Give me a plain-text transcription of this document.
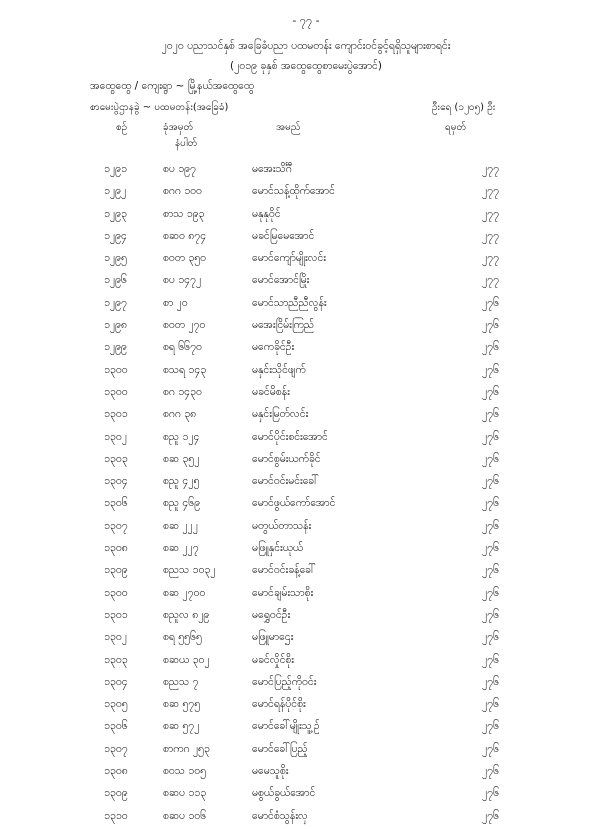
- ၇၇ -
၂၀၂၀ ပညာသင်နှစ် အခြေခံပညာ ပထမတန်း ကျောင်းဝင်ခွင့်ရရှိသူများစာရင်း
(၂၀၁၉ ခုနှစ် အထွေထွေစာမေးပွဲအောင်)
အထွေထွေ / ကျေးရွာ ~ မြို့နယ်အထွေထွေ
စာမေးပွဲဌာနခွဲ ~ ပထမတန်း(အခြေခံ)	ဦးရေ (၁၂၀၅) ဦး
စဉ်	ခုံအမှတ်
နံပါတ်
အမည်	ရမှတ်
၁၂၉၁	စပ ၁၉၇	မအေးသိင်္ဂီ	၂၇၇
၁၂၉၂	စဂဂ ၁၀၀	မောင်သန့်ထိုက်အောင်	၂၇၇
၁၂၉၃	စာသ ၁၉၃	မနုနုဝိုင်	၂၇၇
၁၂၉၄	စဆဝ ၈၇၄	မခင်မြမေအောင်	၂၇၇
၁၂၉၅	စဝတ ၃၅၀	မောင်ကျော်မျိုးလင်း	၂၇၇
၁၂၉၆	စပ ၁၄၇၂	မောင်အောင်မြိုး	၂၇၇
၁၂၉၇	စာ ၂၀	မောင်သာညီညီလွန်း	၂၇၆
၁၂၉၈	စဝတ ၂၇၀	မအေးငြိမ်းကြည်	၂၇၆
၁၂၉၉	စရ ၆၆၇၀	မကေခိုင်ဦး	၂၇၆
၁၃၀၀	စသရ ၁၄၃	မနှင်းသိုင်ဖျက်	၂၇၆
၁၃၀၀	စဂ ၁၄၃၀	မခင်မိစန်း	၂၇၆
၁၃၀၁	စဂဂ ၃၈	မနှင်းမြတ်လင်း	၂၇၆
၁၃၀၂	စညူ ၁၂၄	မောင်ပိုင်းစင်းအောင်	၂၇၆
၁၃၀၃	စဆ ၃၅၂	မောင်စွမ်းယက်ခိုင်	၂၇၆
၁၃၀၄	စညူ ၄၂၅	မောင်ဝင်းမင်းခေါ်	၂၇၆
၁၃၀၆	စညူ ၄၆၉	မောင်ဖွယ်ကော်အောင်	၂၇၆
၁၃၀၇	စဆ ၂၂၂	မတွယ်တာသန်း	၂၇၆
၁၃၀၈	စဆ ၂၂၇	မဖြူနှင်းယုယ်	၂၇၆
၁၃၀၉	စညသ ၁၀၃၂	မောင်ဝင်းခန့်ခေါ်	၂၇၆
၁၃၀၀	စဆ ၂၇၀၀	မောင်ချမ်းသာစိုး	၂၇၆
၁၃၀၁	စညူလ ၈၂၉	မရွှေဝင်ဦး	၂၇၆
၁၃၀၂	စရ ၅၅၆၅	မဖြူမာဌေး	၂၇၆
၁၃၀၃	စဆယ ၃၀၂	မခင်လှိုင်စိုး	၂၇၆
၁၃၀၄	စညသ ၇	မောင်ပြည့်ကိုဝင်း	၂၇၆
၁၃၀၅	စဆ ၅၇၅	မောင်ရန်ပိုင်စိုး	၂၇၆
၁၃၀၆	စဆ ၅၇၂	မောင်ခေါ်မျိုးသူ့ဉ်	၂၇၆
၁၃၀၇	စာကဂ ၂၅၃	မောင်ခေါ်ပြည့်	၂၇၆
၁၃၀၈	စဝသ ၁၀၅	မမေသူစိုး	၂၇၆
၁၃၀၉	စဆပ ၁၁၃	မစွယ်ခွယ်အောင်	၂၇၆
၁၃၁၀	စဆပ ၁၀၆	မောင်စံသွန်းလှ	၂၇၆
